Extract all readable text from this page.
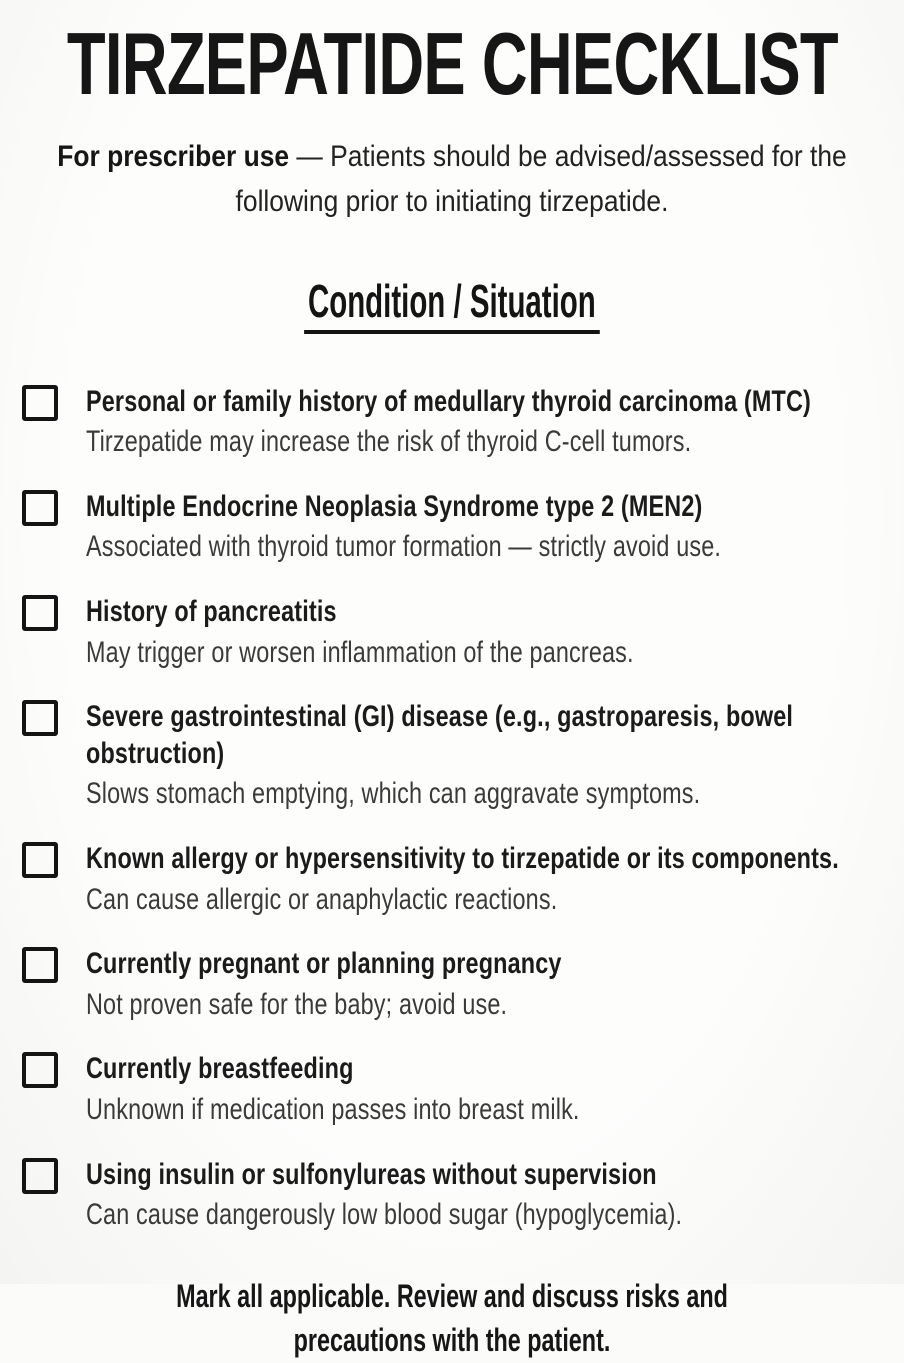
TIRZEPATIDE CHECKLIST

For prescriber use — Patients should be advised/assessed for the following prior to initiating tirzepatide.

Condition / Situation
Personal or family history of medullary thyroid carcinoma (MTC)
Tirzepatide may increase the risk of thyroid C-cell tumors.
Multiple Endocrine Neoplasia Syndrome type 2 (MEN2)
Associated with thyroid tumor formation — strictly avoid use.
History of pancreatitis
May trigger or worsen inflammation of the pancreas.
Severe gastrointestinal (GI) disease (e.g., gastroparesis, bowel obstruction)
Slows stomach emptying, which can aggravate symptoms.
Known allergy or hypersensitivity to tirzepatide or its components.
Can cause allergic or anaphylactic reactions.
Currently pregnant or planning pregnancy
Not proven safe for the baby; avoid use.
Currently breastfeeding
Unknown if medication passes into breast milk.
Using insulin or sulfonylureas without supervision
Can cause dangerously low blood sugar (hypoglycemia).

Mark all applicable. Review and discuss risks and precautions with the patient.
